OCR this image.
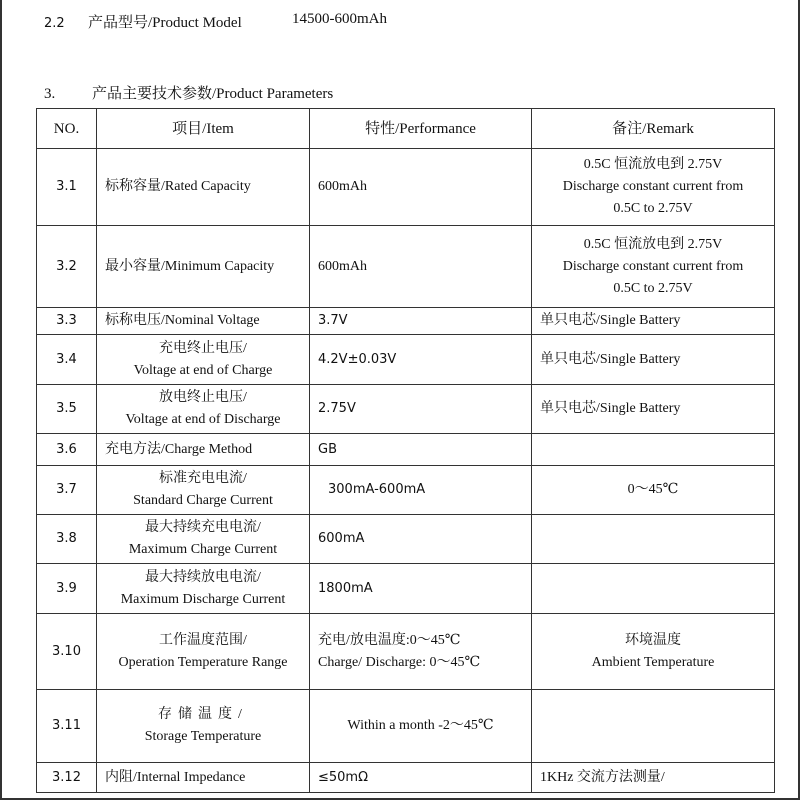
2.2 产品型号/Product Model	14500-600mAh
3. 产品主要技术参数/Product Parameters
NO.	项目/Item	特性/Performance	备注/Remark
3.1	标称容量/Rated Capacity	600mAh	0.5C 恒流放电到 2.75V
Discharge constant current from
0.5C to 2.75V

3.2	最小容量/Minimum Capacity	600mAh	0.5C 恒流放电到 2.75V
Discharge constant current from
0.5C to 2.75V

3.3	标称电压/Nominal Voltage	3.7V	单只电芯/Single Battery

3.4	充电终止电压/
Voltage at end of Charge	4.2V±0.03V	单只电芯/Single Battery

3.5	放电终止电压/
Voltage at end of Discharge	2.75V	单只电芯/Single Battery

3.6	充电方法/Charge Method	GB	

3.7	标准充电电流/
Standard Charge Current	300mA-600mA	0～45℃

3.8	最大持续充电电流/
Maximum Charge Current	600mA	

3.9	最大持续放电电流/
Maximum Discharge Current	1800mA	

3.10	工作温度范围/
Operation Temperature Range	充电/放电温度:0～45℃
Charge/ Discharge: 0～45℃	环境温度
Ambient Temperature

3.11	存储温度/
Storage Temperature	Within a month -2～45℃	

3.12	内阻/Internal Impedance	≤50mΩ	1KHz 交流方法测量/
